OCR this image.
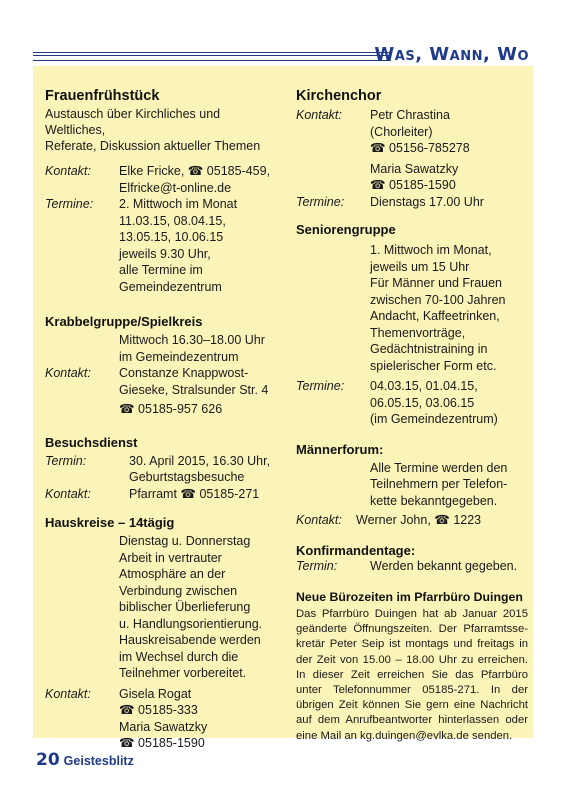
Was, Wann, Wo
Frauenfrühstück
Austausch über Kirchliches und Weltliches,
Referate, Diskussion aktueller Themen
Kontakt:	Elke Fricke, ☎ 05185-459,
Elfricke@t-online.de
Termine:	2. Mittwoch im Monat
11.03.15, 08.04.15,
13.05.15, 10.06.15
jeweils 9.30 Uhr,
alle Termine im
Gemeindezentrum
Krabbelgruppe/Spielkreis
Mittwoch 16.30–18.00 Uhr
im Gemeindezentrum
Kontakt:	Constanze Knappwost-
Gieseke, Stralsunder Str. 4
☎ 05185-957 626
Besuchsdienst
Termin:	30. April 2015, 16.30 Uhr,
Geburtstagsbesuche
Kontakt:	Pfarramt ☎ 05185-271
Hauskreise – 14tägig
Dienstag u. Donnerstag
Arbeit in vertrauter
Atmosphäre an der
Verbindung zwischen
biblischer Überlieferung
u. Handlungsorientierung.
Hauskreisabende werden
im Wechsel durch die
Teilnehmer vorbereitet.
Kontakt:	Gisela Rogat
☎ 05185-333
Maria Sawatzky
☎ 05185-1590
Kirchenchor
Kontakt:	Petr Chrastina
(Chorleiter)
☎ 05156-785278
Maria Sawatzky
☎ 05185-1590
Termine:	Dienstags 17.00 Uhr
Seniorengruppe
1. Mittwoch im Monat,
jeweils um 15 Uhr
Für Männer und Frauen
zwischen 70-100 Jahren
Andacht, Kaffeetrinken,
Themenvorträge,
Gedächtnistraining in
spielerischer Form etc.
Termine:	04.03.15, 01.04.15,
06.05.15, 03.06.15
(im Gemeindezentrum)
Männerforum:
Alle Termine werden den
Teilnehmern per Telefon-
kette bekanntgegeben.
Kontakt:	Werner John, ☎ 1223
Konfirmandentage:
Termin:	Werden bekannt gegeben.
Neue Bürozeiten im Pfarrbüro Duingen
Das Pfarrbüro Duingen hat ab Januar 2015 geänderte Öffnungszeiten. Der Pfarramtssekretär Peter Seip ist montags und freitags in der Zeit von 15.00 – 18.00 Uhr zu erreichen. In dieser Zeit erreichen Sie das Pfarrbüro unter Telefonnummer 05185-271. In der übrigen Zeit können Sie gern eine Nachricht auf dem Anrufbeantworter hinterlassen oder eine Mail an kg.duingen@evlka.de senden.
20 Geistesblitz
